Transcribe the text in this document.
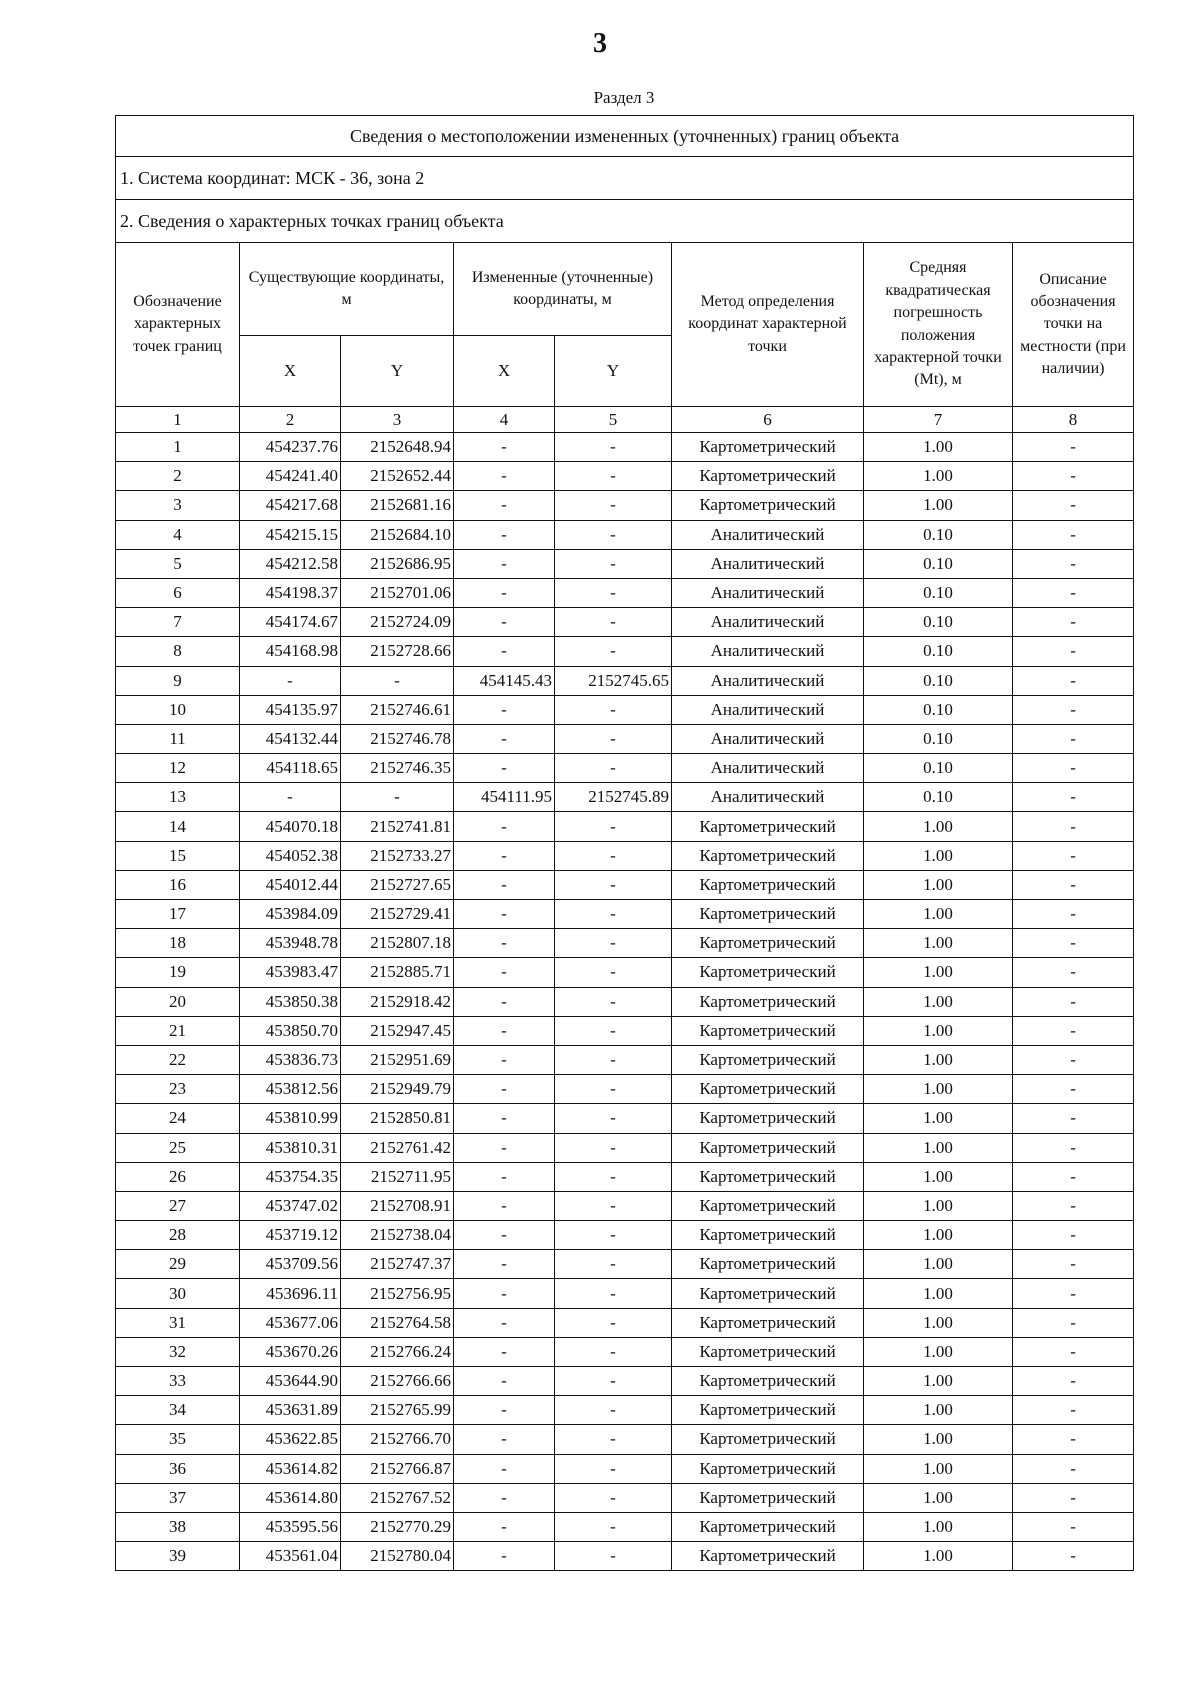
3
Раздел 3
Сведения о местоположении измененных (уточненных) границ объекта							
1. Система координат: МСК - 36, зона 2							
2. Сведения о характерных точках границ объекта							
Обозначение характерных точек границ	Существующие координаты, м		Измененные (уточненные) координаты, м		Метод определения координат характерной точки	Средняя квадратическая погрешность положения характерной точки (Mt), м	Описание обозначения точки на местности (при наличии)
	X	Y	X	Y			
1	2	3	4	5	6	7	8
1	454237.76	2152648.94	-	-	Картометрический	1.00	-
2	454241.40	2152652.44	-	-	Картометрический	1.00	-
3	454217.68	2152681.16	-	-	Картометрический	1.00	-
4	454215.15	2152684.10	-	-	Аналитический	0.10	-
5	454212.58	2152686.95	-	-	Аналитический	0.10	-
6	454198.37	2152701.06	-	-	Аналитический	0.10	-
7	454174.67	2152724.09	-	-	Аналитический	0.10	-
8	454168.98	2152728.66	-	-	Аналитический	0.10	-
9	-	-	454145.43	2152745.65	Аналитический	0.10	-
10	454135.97	2152746.61	-	-	Аналитический	0.10	-
11	454132.44	2152746.78	-	-	Аналитический	0.10	-
12	454118.65	2152746.35	-	-	Аналитический	0.10	-
13	-	-	454111.95	2152745.89	Аналитический	0.10	-
14	454070.18	2152741.81	-	-	Картометрический	1.00	-
15	454052.38	2152733.27	-	-	Картометрический	1.00	-
16	454012.44	2152727.65	-	-	Картометрический	1.00	-
17	453984.09	2152729.41	-	-	Картометрический	1.00	-
18	453948.78	2152807.18	-	-	Картометрический	1.00	-
19	453983.47	2152885.71	-	-	Картометрический	1.00	-
20	453850.38	2152918.42	-	-	Картометрический	1.00	-
21	453850.70	2152947.45	-	-	Картометрический	1.00	-
22	453836.73	2152951.69	-	-	Картометрический	1.00	-
23	453812.56	2152949.79	-	-	Картометрический	1.00	-
24	453810.99	2152850.81	-	-	Картометрический	1.00	-
25	453810.31	2152761.42	-	-	Картометрический	1.00	-
26	453754.35	2152711.95	-	-	Картометрический	1.00	-
27	453747.02	2152708.91	-	-	Картометрический	1.00	-
28	453719.12	2152738.04	-	-	Картометрический	1.00	-
29	453709.56	2152747.37	-	-	Картометрический	1.00	-
30	453696.11	2152756.95	-	-	Картометрический	1.00	-
31	453677.06	2152764.58	-	-	Картометрический	1.00	-
32	453670.26	2152766.24	-	-	Картометрический	1.00	-
33	453644.90	2152766.66	-	-	Картометрический	1.00	-
34	453631.89	2152765.99	-	-	Картометрический	1.00	-
35	453622.85	2152766.70	-	-	Картометрический	1.00	-
36	453614.82	2152766.87	-	-	Картометрический	1.00	-
37	453614.80	2152767.52	-	-	Картометрический	1.00	-
38	453595.56	2152770.29	-	-	Картометрический	1.00	-
39	453561.04	2152780.04	-	-	Картометрический	1.00	-
